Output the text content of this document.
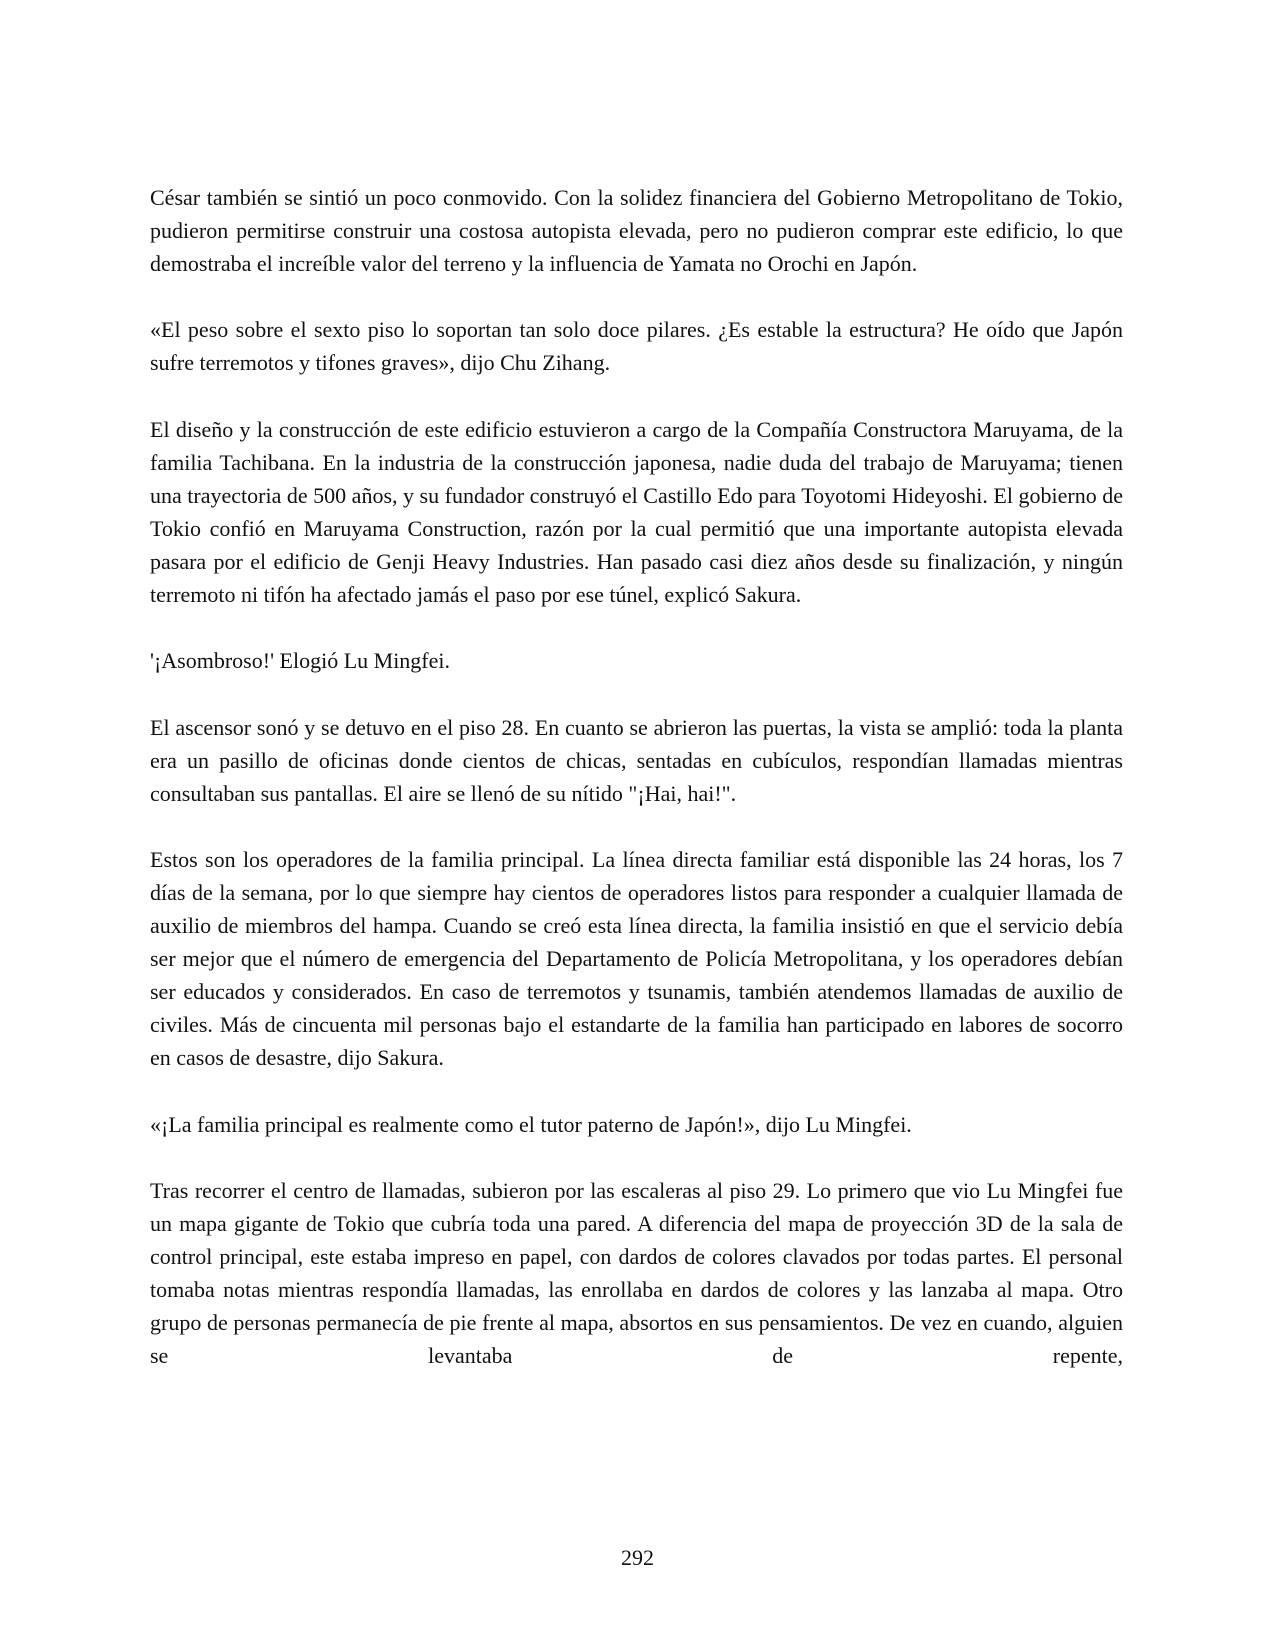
César también se sintió un poco conmovido. Con la solidez financiera del Gobierno Metropolitano de Tokio, pudieron permitirse construir una costosa autopista elevada, pero no pudieron comprar este edificio, lo que demostraba el increíble valor del terreno y la influencia de Yamata no Orochi en Japón.

«El peso sobre el sexto piso lo soportan tan solo doce pilares. ¿Es estable la estructura? He oído que Japón sufre terremotos y tifones graves», dijo Chu Zihang.

El diseño y la construcción de este edificio estuvieron a cargo de la Compañía Constructora Maruyama, de la familia Tachibana. En la industria de la construcción japonesa, nadie duda del trabajo de Maruyama; tienen una trayectoria de 500 años, y su fundador construyó el Castillo Edo para Toyotomi Hideyoshi. El gobierno de Tokio confió en Maruyama Construction, razón por la cual permitió que una importante autopista elevada pasara por el edificio de Genji Heavy Industries. Han pasado casi diez años desde su finalización, y ningún terremoto ni tifón ha afectado jamás el paso por ese túnel, explicó Sakura.

'¡Asombroso!' Elogió Lu Mingfei.

El ascensor sonó y se detuvo en el piso 28. En cuanto se abrieron las puertas, la vista se amplió: toda la planta era un pasillo de oficinas donde cientos de chicas, sentadas en cubículos, respondían llamadas mientras consultaban sus pantallas. El aire se llenó de su nítido "¡Hai, hai!".

Estos son los operadores de la familia principal. La línea directa familiar está disponible las 24 horas, los 7 días de la semana, por lo que siempre hay cientos de operadores listos para responder a cualquier llamada de auxilio de miembros del hampa. Cuando se creó esta línea directa, la familia insistió en que el servicio debía ser mejor que el número de emergencia del Departamento de Policía Metropolitana, y los operadores debían ser educados y considerados. En caso de terremotos y tsunamis, también atendemos llamadas de auxilio de civiles. Más de cincuenta mil personas bajo el estandarte de la familia han participado en labores de socorro en casos de desastre, dijo Sakura.

«¡La familia principal es realmente como el tutor paterno de Japón!», dijo Lu Mingfei.

Tras recorrer el centro de llamadas, subieron por las escaleras al piso 29. Lo primero que vio Lu Mingfei fue un mapa gigante de Tokio que cubría toda una pared. A diferencia del mapa de proyección 3D de la sala de control principal, este estaba impreso en papel, con dardos de colores clavados por todas partes. El personal tomaba notas mientras respondía llamadas, las enrollaba en dardos de colores y las lanzaba al mapa. Otro grupo de personas permanecía de pie frente al mapa, absortos en sus pensamientos. De vez en cuando, alguien se levantaba de repente,

292
